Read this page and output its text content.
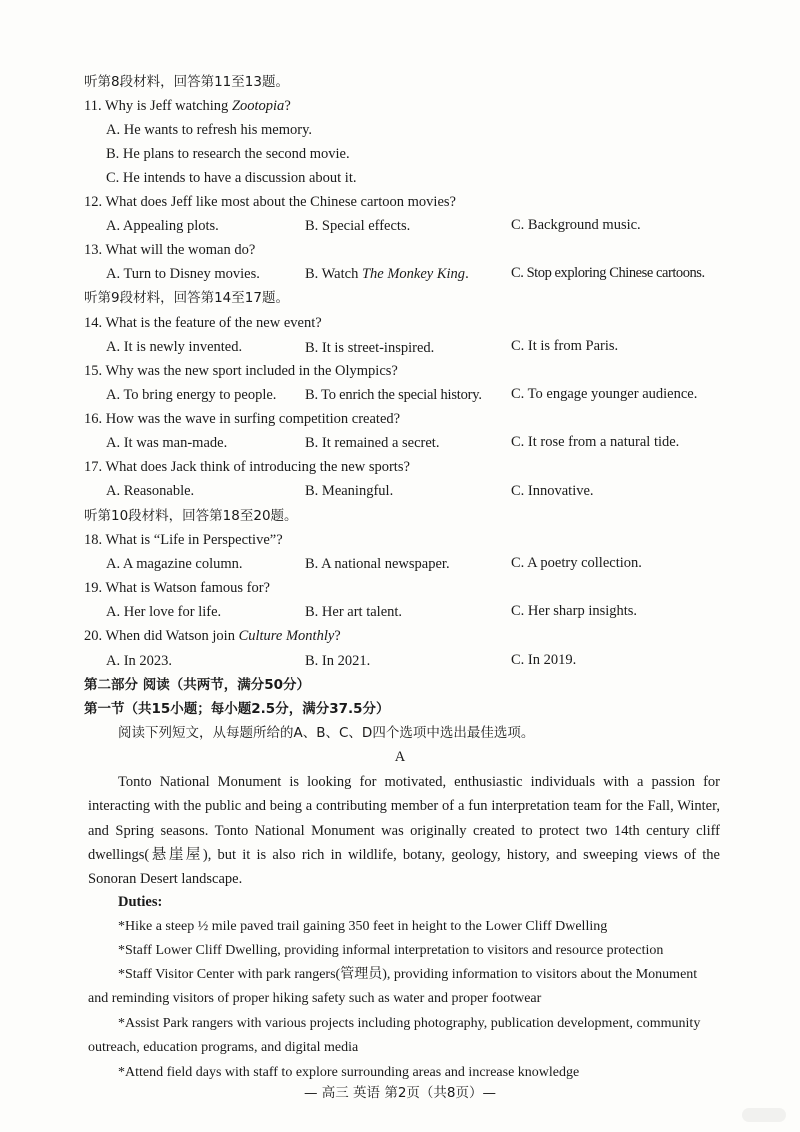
听第8段材料，回答第11至13题。
11. Why is Jeff watching Zootopia?
A. He wants to refresh his memory.
B. He plans to research the second movie.
C. He intends to have a discussion about it.
12. What does Jeff like most about the Chinese cartoon movies?
A. Appealing plots.	B. Special effects.	C. Background music.
13. What will the woman do?
A. Turn to Disney movies.	B. Watch The Monkey King.	C. Stop exploring Chinese cartoons.
听第9段材料，回答第14至17题。
14. What is the feature of the new event?
A. It is newly invented.	B. It is street-inspired.	C. It is from Paris.
15. Why was the new sport included in the Olympics?
A. To bring energy to people. B. To enrich the special history. C. To engage younger audience.
16. How was the wave in surfing competition created?
A. It was man-made.	B. It remained a secret.	C. It rose from a natural tide.
17. What does Jack think of introducing the new sports?
A. Reasonable.	B. Meaningful.	C. Innovative.
听第10段材料，回答第18至20题。
18. What is “Life in Perspective”?
A. A magazine column.	B. A national newspaper.	C. A poetry collection.
19. What is Watson famous for?
A. Her love for life.	B. Her art talent.	C. Her sharp insights.
20. When did Watson join Culture Monthly?
A. In 2023.	B. In 2021.	C. In 2019.
第二部分 阅读（共两节，满分50分）
第一节（共15小题；每小题2.5分，满分37.5分）
阅读下列短文，从每题所给的A、B、C、D四个选项中选出最佳选项。
A
Tonto National Monument is looking for motivated, enthusiastic individuals with a passion for interacting with the public and being a contributing member of a fun interpretation team for the Fall, Winter, and Spring seasons. Tonto National Monument was originally created to protect two 14th century cliff dwellings(悬崖屋), but it is also rich in wildlife, botany, geology, history, and sweeping views of the Sonoran Desert landscape.
Duties:
*Hike a steep ½ mile paved trail gaining 350 feet in height to the Lower Cliff Dwelling
*Staff Lower Cliff Dwelling, providing informal interpretation to visitors and resource protection
*Staff Visitor Center with park rangers(管理员), providing information to visitors about the Monument and reminding visitors of proper hiking safety such as water and proper footwear
*Assist Park rangers with various projects including photography, publication development, community outreach, education programs, and digital media
*Attend field days with staff to explore surrounding areas and increase knowledge
— 高三 英语 第2页（共8页）—
